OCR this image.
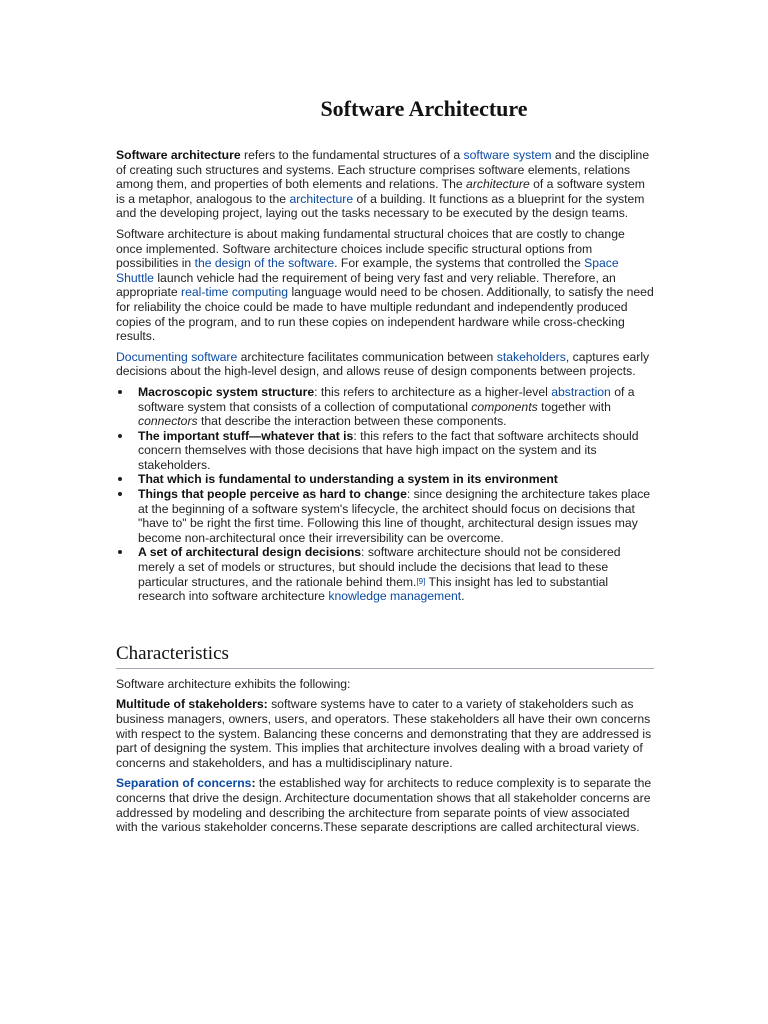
Software Architecture

Software architecture refers to the fundamental structures of a software system and the discipline of creating such structures and systems. Each structure comprises software elements, relations among them, and properties of both elements and relations. The architecture of a software system is a metaphor, analogous to the architecture of a building. It functions as a blueprint for the system and the developing project, laying out the tasks necessary to be executed by the design teams.

Software architecture is about making fundamental structural choices that are costly to change once implemented. Software architecture choices include specific structural options from possibilities in the design of the software. For example, the systems that controlled the Space Shuttle launch vehicle had the requirement of being very fast and very reliable. Therefore, an appropriate real-time computing language would need to be chosen. Additionally, to satisfy the need for reliability the choice could be made to have multiple redundant and independently produced copies of the program, and to run these copies on independent hardware while cross-checking results.

Documenting software architecture facilitates communication between stakeholders, captures early decisions about the high-level design, and allows reuse of design components between projects.

Macroscopic system structure: this refers to architecture as a higher-level abstraction of a software system that consists of a collection of computational components together with connectors that describe the interaction between these components.
The important stuff—whatever that is: this refers to the fact that software architects should concern themselves with those decisions that have high impact on the system and its stakeholders.
That which is fundamental to understanding a system in its environment
Things that people perceive as hard to change: since designing the architecture takes place at the beginning of a software system's lifecycle, the architect should focus on decisions that "have to" be right the first time. Following this line of thought, architectural design issues may become non-architectural once their irreversibility can be overcome.
A set of architectural design decisions: software architecture should not be considered merely a set of models or structures, but should include the decisions that lead to these particular structures, and the rationale behind them.[9] This insight has led to substantial research into software architecture knowledge management.
Characteristics

Software architecture exhibits the following:

Multitude of stakeholders: software systems have to cater to a variety of stakeholders such as business managers, owners, users, and operators. These stakeholders all have their own concerns with respect to the system. Balancing these concerns and demonstrating that they are addressed is part of designing the system. This implies that architecture involves dealing with a broad variety of concerns and stakeholders, and has a multidisciplinary nature.

Separation of concerns: the established way for architects to reduce complexity is to separate the concerns that drive the design. Architecture documentation shows that all stakeholder concerns are addressed by modeling and describing the architecture from separate points of view associated with the various stakeholder concerns.These separate descriptions are called architectural views.
